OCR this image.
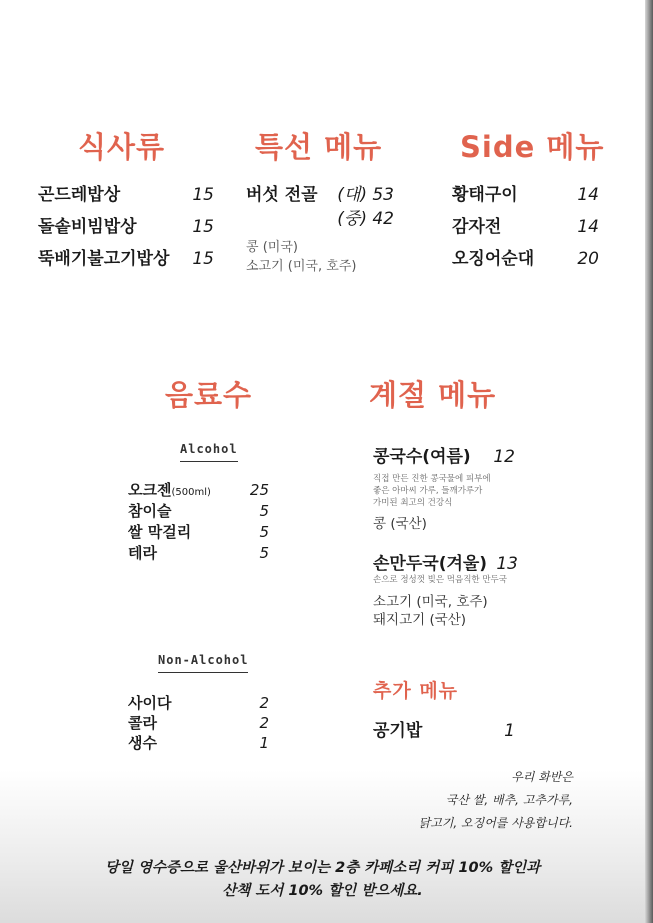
식사류
곤드레밥상	15
돌솥비빔밥상	15
뚝배기불고기밥상 15
특선 메뉴
버섯 전골 (대) 53
(중) 42
콩 (미국)
소고기 (미국, 호주)
Side 메뉴
황태구이	14
감자전	14
오징어순대	20
음료수
Alcohol
오크젠(500ml)	25
참이슬	5
쌀 막걸리	5
테라	5
Non-Alcohol
사이다	2
콜라	2
생수	1
계절 메뉴
콩국수(여름) 12
직접 만든 진한 콩국물에 피부에
좋은 아마씨 가루, 들깨가루가
가미된 최고의 건강식
콩 (국산)
손만두국(겨울) 13
손으로 정성껏 빚은 먹음직한 만두국
소고기 (미국, 호주)
돼지고기 (국산)
추가 메뉴
공기밥	1
우리 화반은
국산 쌀, 배추, 고추가루,
닭고기, 오징어를 사용합니다.
당일 영수증으로 울산바위가 보이는 2층 카페소리 커피 10% 할인과
산책 도서 10% 할인 받으세요.
